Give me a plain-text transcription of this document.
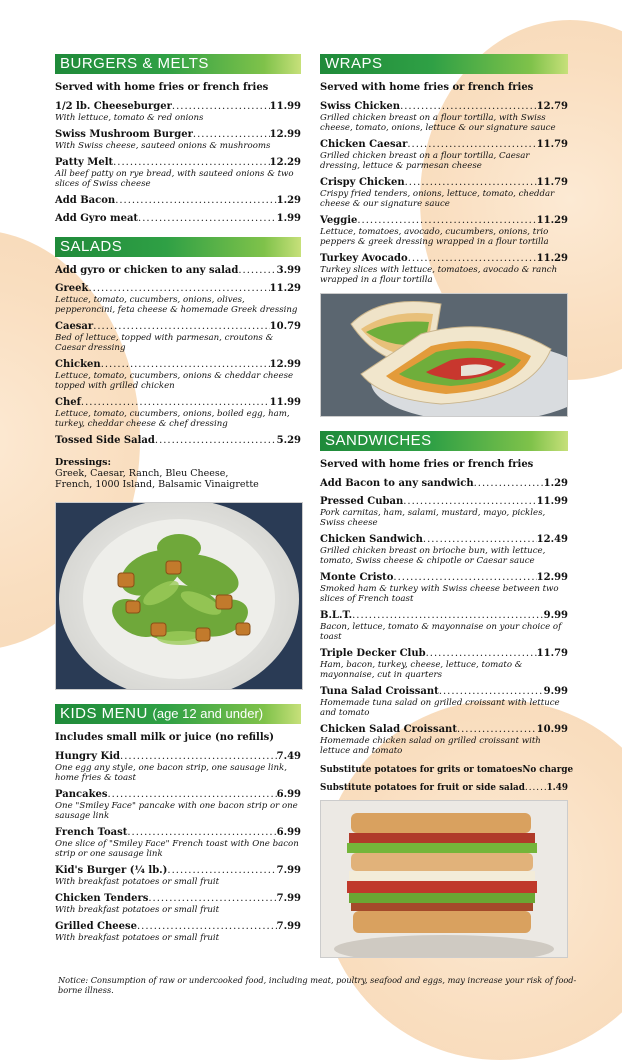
BURGERS & MELTS
Served with home fries or french fries
1/2 lb. Cheeseburger .....	11.99
With lettuce, tomato & red onions
Swiss Mushroom Burger .....	12.99
With Swiss cheese, sauteed onions & mushrooms
Patty Melt .....	12.29
All beef patty on rye bread, with sauteed onions & two slices of Swiss cheese
Add Bacon .....	1.29
Add Gyro meat .....	1.99
SALADS
Add gyro or chicken to any salad .....	3.99
Greek .....	11.29
Lettuce, tomato, cucumbers, onions, olives, pepperoncini, feta cheese & homemade Greek dressing
Caesar .....	10.79
Bed of lettuce, topped with parmesan, croutons & Caesar dressing
Chicken .....	12.99
Lettuce, tomato, cucumbers, onions & cheddar cheese topped with grilled chicken
Chef .....	11.99
Lettuce, tomato, cucumbers, onions, boiled egg, ham, turkey, cheddar cheese & chef dressing
Tossed Side Salad .....	5.29
Dressings:
Greek, Caesar, Ranch, Bleu Cheese,
French, 1000 Island, Balsamic Vinaigrette
KIDS MENU (age 12 and under)
Includes small milk or juice (no refills)
Hungry Kid .....	7.49
One egg any style, one bacon strip, one sausage link, home fries & toast
Pancakes .....	6.99
One "Smiley Face" pancake with one bacon strip or one sausage link
French Toast .....	6.99
One slice of "Smiley Face" French toast with One bacon strip or one sausage link
Kid's Burger (¼ lb.) .....	7.99
With breakfast potatoes or small fruit
Chicken Tenders .....	7.99
With breakfast potatoes or small fruit
Grilled Cheese .....	7.99
With breakfast potatoes or small fruit
WRAPS
Served with home fries or french fries
Swiss Chicken .....	12.79
Grilled chicken breast on a flour tortilla, with Swiss cheese, tomato, onions, lettuce & our signature sauce
Chicken Caesar .....	11.79
Grilled chicken breast on a flour tortilla, Caesar dressing, lettuce & parmesan cheese
Crispy Chicken .....	11.79
Crispy fried tenders, onions, lettuce, tomato, cheddar cheese & our signature sauce
Veggie .....	11.29
Lettuce, tomatoes, avocado, cucumbers, onions, trio peppers & greek dressing wrapped in a flour tortilla
Turkey Avocado .....	11.29
Turkey slices with lettuce, tomatoes, avocado & ranch wrapped in a flour tortilla
SANDWICHES
Served with home fries or french fries
Add Bacon to any sandwich .....	1.29
Pressed Cuban .....	11.99
Pork carnitas, ham, salami, mustard, mayo, pickles, Swiss cheese
Chicken Sandwich .....	12.49
Grilled chicken breast on brioche bun, with lettuce, tomato, Swiss cheese & chipotle or Caesar sauce
Monte Cristo .....	12.99
Smoked ham & turkey with Swiss cheese between two slices of French toast
B.L.T. .....	9.99
Bacon, lettuce, tomato & mayonnaise on your choice of toast
Triple Decker Club .....	11.79
Ham, bacon, turkey, cheese, lettuce, tomato & mayonnaise, cut in quarters
Tuna Salad Croissant .....	9.99
Homemade tuna salad on grilled croissant with lettuce and tomato
Chicken Salad Croissant .....	10.99
Homemade chicken salad on grilled croissant with lettuce and tomato
Substitute potatoes for grits or tomatoes No charge
Substitute potatoes for fruit or side salad ..... 1.49
Notice: Consumption of raw or undercooked food, including meat, poultry, seafood and eggs, may increase your risk of food-borne illness.
